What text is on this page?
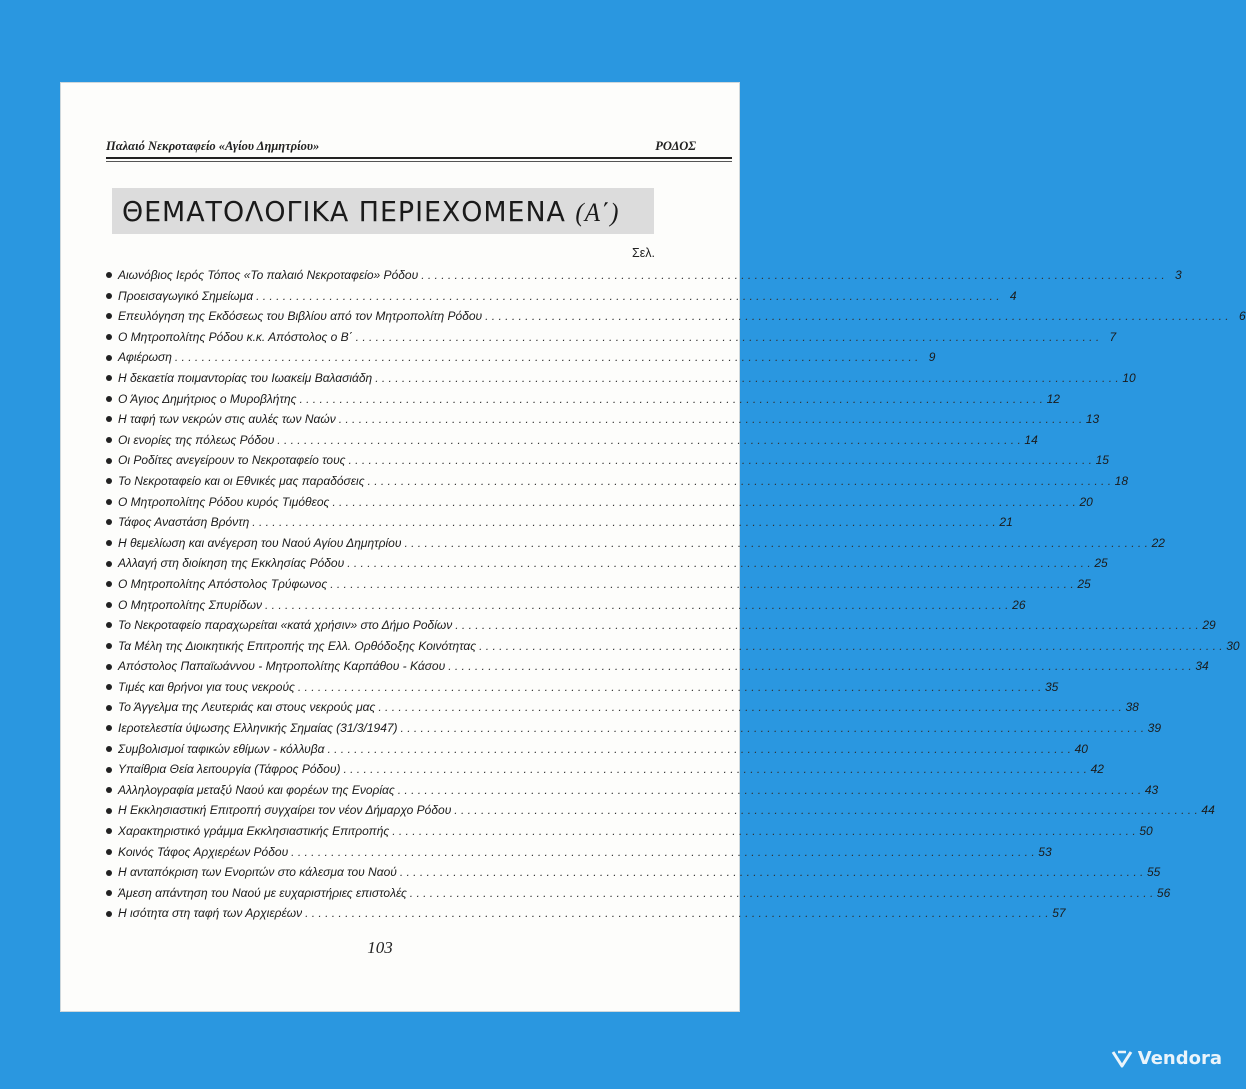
Παλαιό Νεκροταφείο «Αγίου Δημητρίου»	ΡΟΔΟΣ
ΘΕΜΑΤΟΛΟΓΙΚΑ ΠΕΡΙΕΧΟΜΕΝΑ (Α΄)
Σελ.
Αιωνόβιος Ιερός Τόπος «Το παλαιό Νεκροταφείο» Ρόδου . . .	3
Προεισαγωγικό Σημείωμα . . .	4
Επευλόγηση της Εκδόσεως του Βιβλίου από τον Μητροπολίτη Ρόδου . . .	6
Ο Μητροπολίτης Ρόδου κ.κ. Απόστολος ο Β΄ . . .	7
Αφιέρωση . . .	9
Η δεκαετία ποιμαντορίας του Ιωακείμ Βαλασιάδη . . .	10
Ο Άγιος Δημήτριος ο Μυροβλήτης . . .	12
Η ταφή των νεκρών στις αυλές των Ναών . . .	13
Οι ενορίες της πόλεως Ρόδου . . .	14
Οι Ροδίτες ανεγείρουν το Νεκροταφείο τους . . .	15
Το Νεκροταφείο και οι Εθνικές μας παραδόσεις . . .	18
Ο Μητροπολίτης Ρόδου κυρός Τιμόθεος . . .	20
Τάφος Αναστάση Βρόντη . . .	21
Η θεμελίωση και ανέγερση του Ναού Αγίου Δημητρίου . . .	22
Αλλαγή στη διοίκηση της Εκκλησίας Ρόδου . . .	25
Ο Μητροπολίτης Απόστολος Τρύφωνος . . .	25
Ο Μητροπολίτης Σπυρίδων . . .	26
Το Νεκροταφείο παραχωρείται «κατά χρήσιν» στο Δήμο Ροδίων . . .	29
Τα Μέλη της Διοικητικής Επιτροπής της Ελλ. Ορθόδοξης Κοινότητας . . .	30
Απόστολος Παπαϊωάννου - Μητροπολίτης Καρπάθου - Κάσου . . .	34
Τιμές και θρήνοι για τους νεκρούς . . .	35
Το Άγγελμα της Λευτεριάς και στους νεκρούς μας . . .	38
Ιεροτελεστία ύψωσης Ελληνικής Σημαίας (31/3/1947) . . .	39
Συμβολισμοί ταφικών εθίμων - κόλλυβα . . .	40
Υπαίθρια Θεία λειτουργία (Τάφρος Ρόδου) . . .	42
Αλληλογραφία μεταξύ Ναού και φορέων της Ενορίας . . .	43
Η Εκκλησιαστική Επιτροπή συγχαίρει τον νέον Δήμαρχο Ρόδου . . .	44
Χαρακτηριστικό γράμμα Εκκλησιαστικής Επιτροπής . . .	50
Κοινός Τάφος Αρχιερέων Ρόδου . . .	53
Η ανταπόκριση των Ενοριτών στο κάλεσμα του Ναού . . .	55
Άμεση απάντηση του Ναού με ευχαριστήριες επιστολές . . .	56
Η ισότητα στη ταφή των Αρχιερέων . . .	57
103
Vendora
